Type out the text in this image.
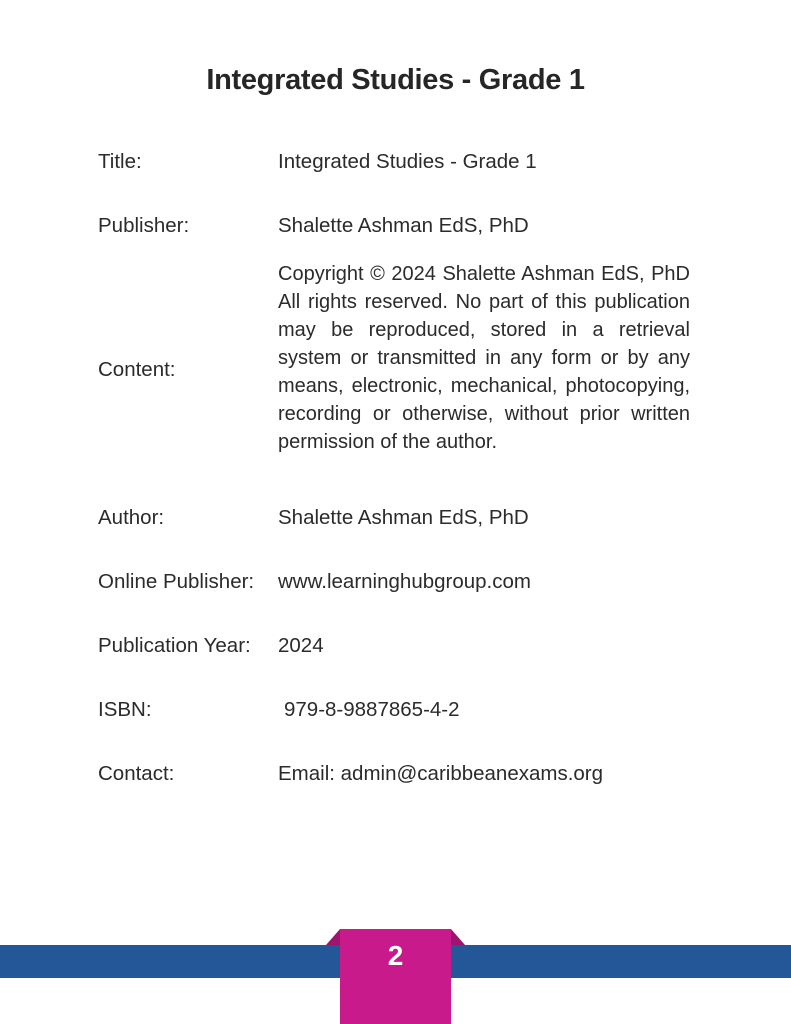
Integrated Studies - Grade 1
Title:	Integrated Studies - Grade 1
Publisher:	Shalette Ashman EdS, PhD
Content:
Copyright © 2024 Shalette Ashman EdS, PhD All rights reserved. No part of this publication may be reproduced, stored in a retrieval system or transmitted in any form or by any means, electronic, mechanical, photocopying, recording or otherwise, without prior written permission of the author.
Author:	Shalette Ashman EdS, PhD
Online Publisher: www.learninghubgroup.com
Publication Year: 2024
ISBN:	979-8-9887865-4-2
Contact:	Email: admin@caribbeanexams.org
2
